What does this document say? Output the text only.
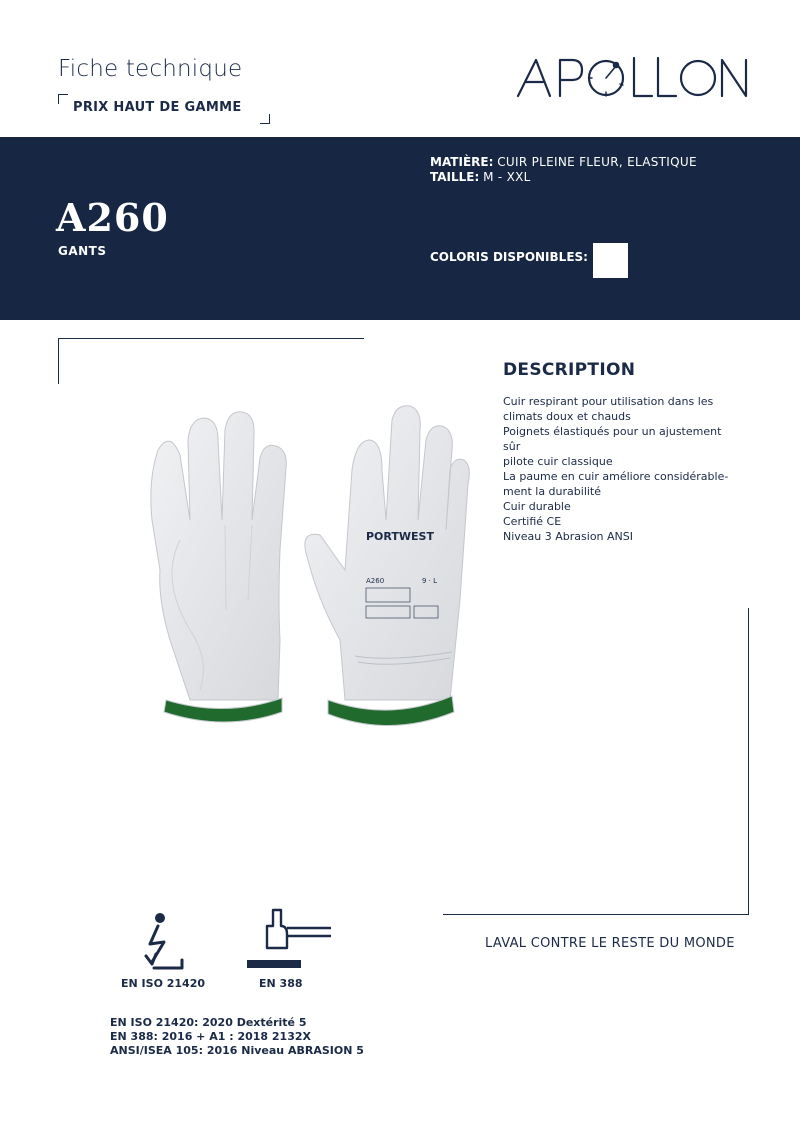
Fiche technique
PRIX HAUT DE GAMME
APOLLON
A260
GANTS
MATIÈRE: CUIR PLEINE FLEUR, ELASTIQUE
TAILLE: M - XXL
COLORIS DISPONIBLES:
PORTWEST
A260	9 · L
DESCRIPTION
Cuir respirant pour utilisation dans les
climats doux et chauds
Poignets élastiqués pour un ajustement sûr
pilote cuir classique
La paume en cuir améliore considérable-
ment la durabilité
Cuir durable
Certifié CE
Niveau 3 Abrasion ANSI
LAVAL CONTRE LE RESTE DU MONDE
EN ISO 21420	EN 388
EN ISO 21420: 2020 Dextérité 5
EN 388: 2016 + A1 : 2018 2132X
ANSI/ISEA 105: 2016 Niveau ABRASION 5
